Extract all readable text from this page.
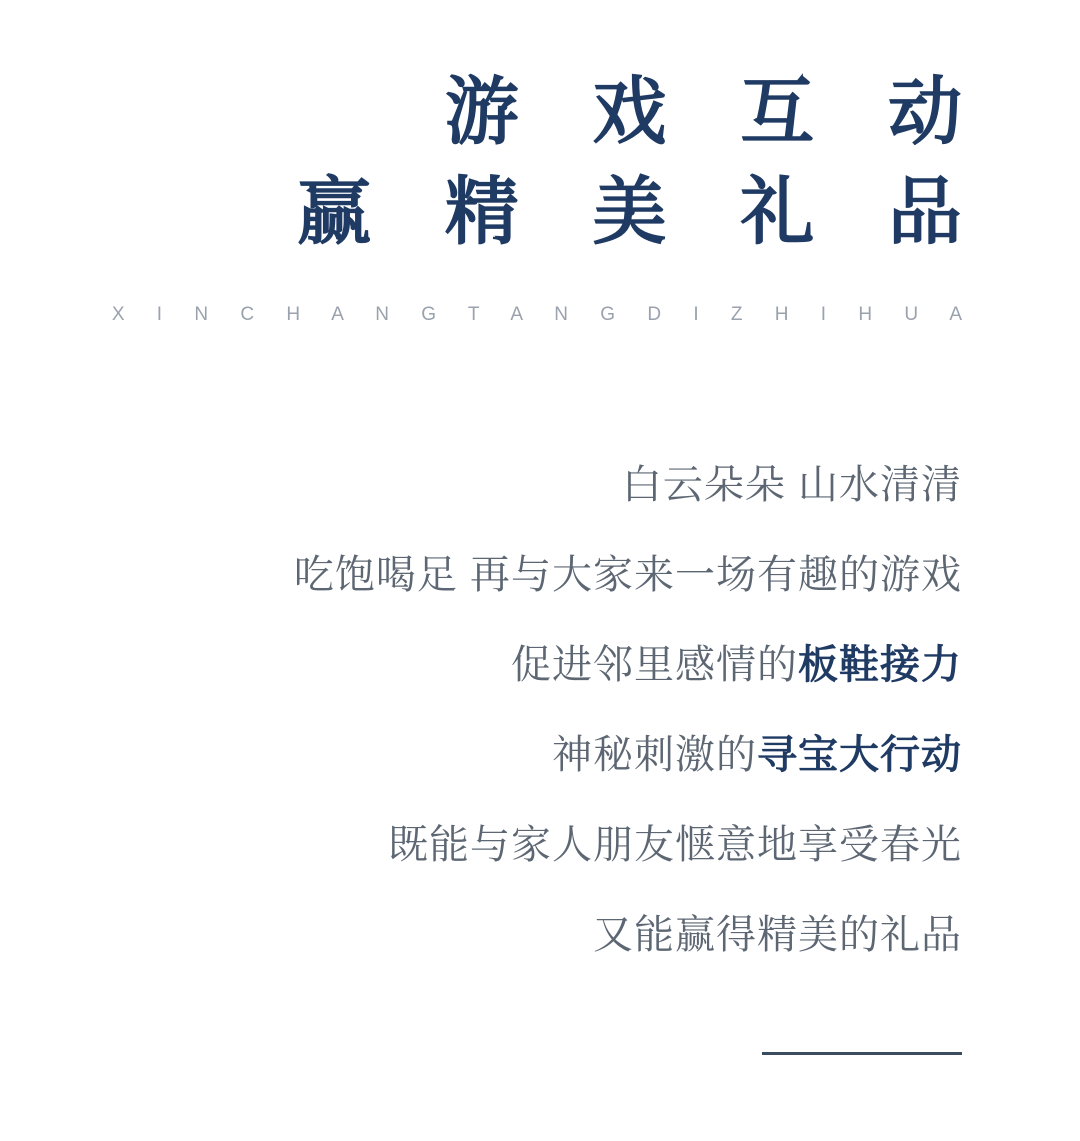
游 戏 互 动
赢 精 美 礼 品
X I N C H A N G T A N G D I Z H I H U A
白云朵朵 山水清清
吃饱喝足 再与大家来一场有趣的游戏
促进邻里感情的板鞋接力
神秘刺激的寻宝大行动
既能与家人朋友惬意地享受春光
又能赢得精美的礼品
